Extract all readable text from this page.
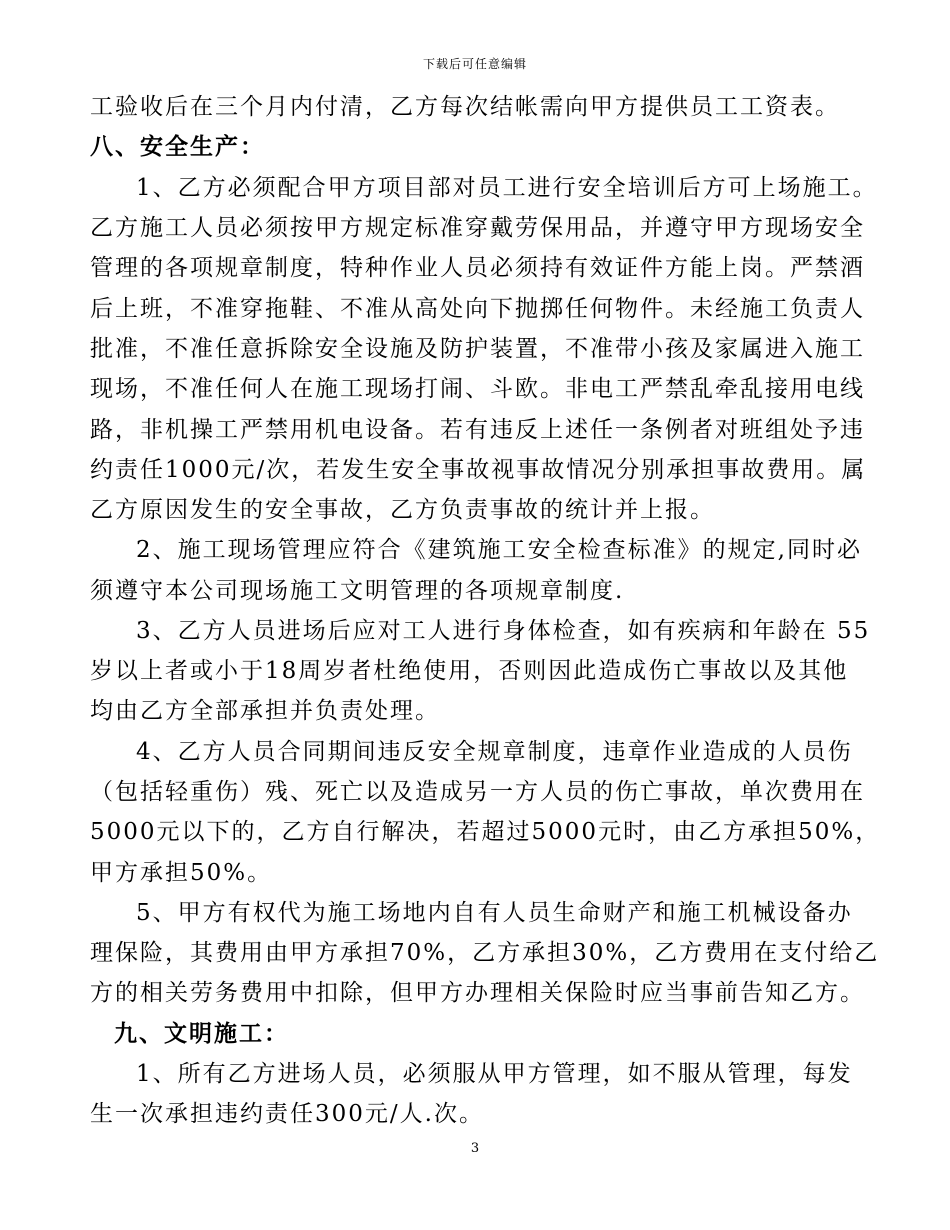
下载后可任意编辑
工验收后在三个月内付清，乙方每次结帐需向甲方提供员工工资表。
八、安全生产：
1、乙方必须配合甲方项目部对员工进行安全培训后方可上场施工。
乙方施工人员必须按甲方规定标准穿戴劳保用品，并遵守甲方现场安全
管理的各项规章制度，特种作业人员必须持有效证件方能上岗。严禁酒
后上班，不准穿拖鞋、不准从高处向下抛掷任何物件。未经施工负责人
批准，不准任意拆除安全设施及防护装置，不准带小孩及家属进入施工
现场，不准任何人在施工现场打闹、斗欧。非电工严禁乱牵乱接用电线
路，非机操工严禁用机电设备。若有违反上述任一条例者对班组处予违
约责任1000元/次，若发生安全事故视事故情况分别承担事故费用。属
乙方原因发生的安全事故，乙方负责事故的统计并上报。
2、施工现场管理应符合《建筑施工安全检查标准》的规定,同时必
须遵守本公司现场施工文明管理的各项规章制度.
3、乙方人员进场后应对工人进行身体检查，如有疾病和年龄在 55
岁以上者或小于18周岁者杜绝使用，否则因此造成伤亡事故以及其他
均由乙方全部承担并负责处理。
4、乙方人员合同期间违反安全规章制度，违章作业造成的人员伤
（包括轻重伤）残、死亡以及造成另一方人员的伤亡事故，单次费用在
5000元以下的，乙方自行解决，若超过5000元时，由乙方承担50%，
甲方承担50%。
5、甲方有权代为施工场地内自有人员生命财产和施工机械设备办
理保险，其费用由甲方承担70%，乙方承担30%，乙方费用在支付给乙
方的相关劳务费用中扣除，但甲方办理相关保险时应当事前告知乙方。
九、文明施工：
1、所有乙方进场人员，必须服从甲方管理，如不服从管理，每发
生一次承担违约责任300元/人.次。
3
